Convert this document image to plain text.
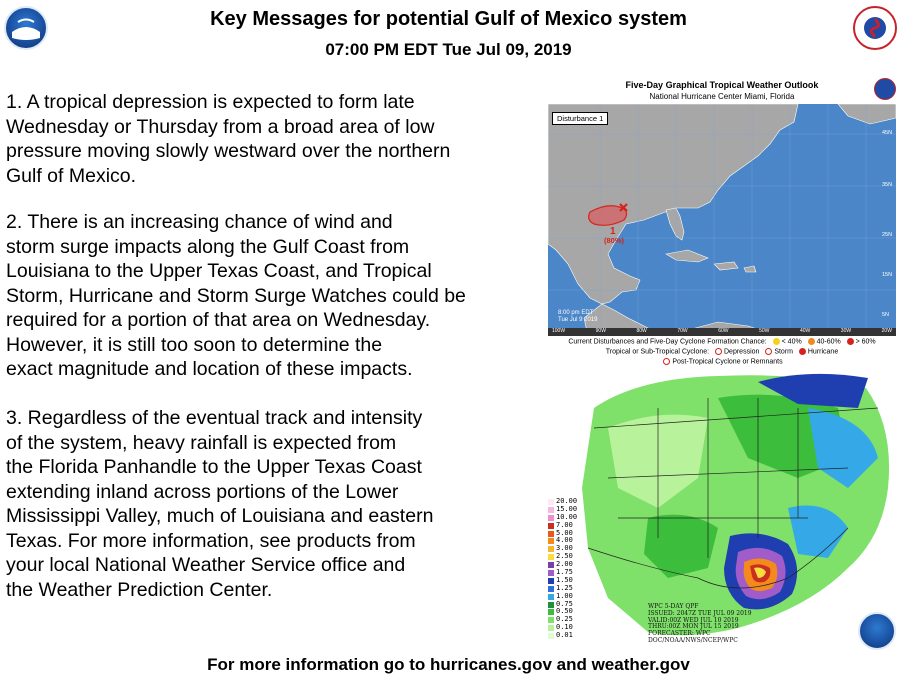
Key Messages for potential Gulf of Mexico system
07:00 PM EDT Tue Jul 09, 2019
1. A tropical depression is expected to form late
Wednesday or Thursday from a broad area of low
pressure moving slowly westward over the northern
Gulf of Mexico.
2. There is an increasing chance of wind and
storm surge impacts along the Gulf Coast from
Louisiana to the Upper Texas Coast, and Tropical
Storm, Hurricane and Storm Surge Watches could be
required for a portion of that area on Wednesday.
However, it is still too soon to determine the
exact magnitude and location of these impacts.
3. Regardless of the eventual track and intensity
of the system, heavy rainfall is expected from
the Florida Panhandle to the Upper Texas Coast
extending inland across portions of the Lower
Mississippi Valley, much of Louisiana and eastern
Texas. For more information, see products from
your local National Weather Service office and
the Weather Prediction Center.
Five-Day Graphical Tropical Weather Outlook
National Hurricane Center Miami, Florida
Disturbance 1
1
(80%)
8:00 pm EDT
Tue Jul 9 2019
45N
35N
25N
15N
5N
100W	90W	80W	70W	60W	50W	40W	30W	20W
Current Disturbances and Five-Day Cyclone Formation Chance: < 40% 40-60% > 60%
Tropical or Sub-Tropical Cyclone: Depression Storm Hurricane
Post-Tropical Cyclone or Remnants
20.00
15.00
10.00
7.00
5.00
4.00
3.00
2.50
2.00
1.75
1.50
1.25
1.00
0.75
0.50
0.25
0.10
0.01
WPC 5-DAY QPF
ISSUED: 2047Z TUE JUL 09 2019
VALID:00Z WED JUL 10 2019
THRU:00Z MON JUL 15 2019
FORECASTER: WPC
DOC/NOAA/NWS/NCEP/WPC
For more information go to hurricanes.gov and weather.gov
